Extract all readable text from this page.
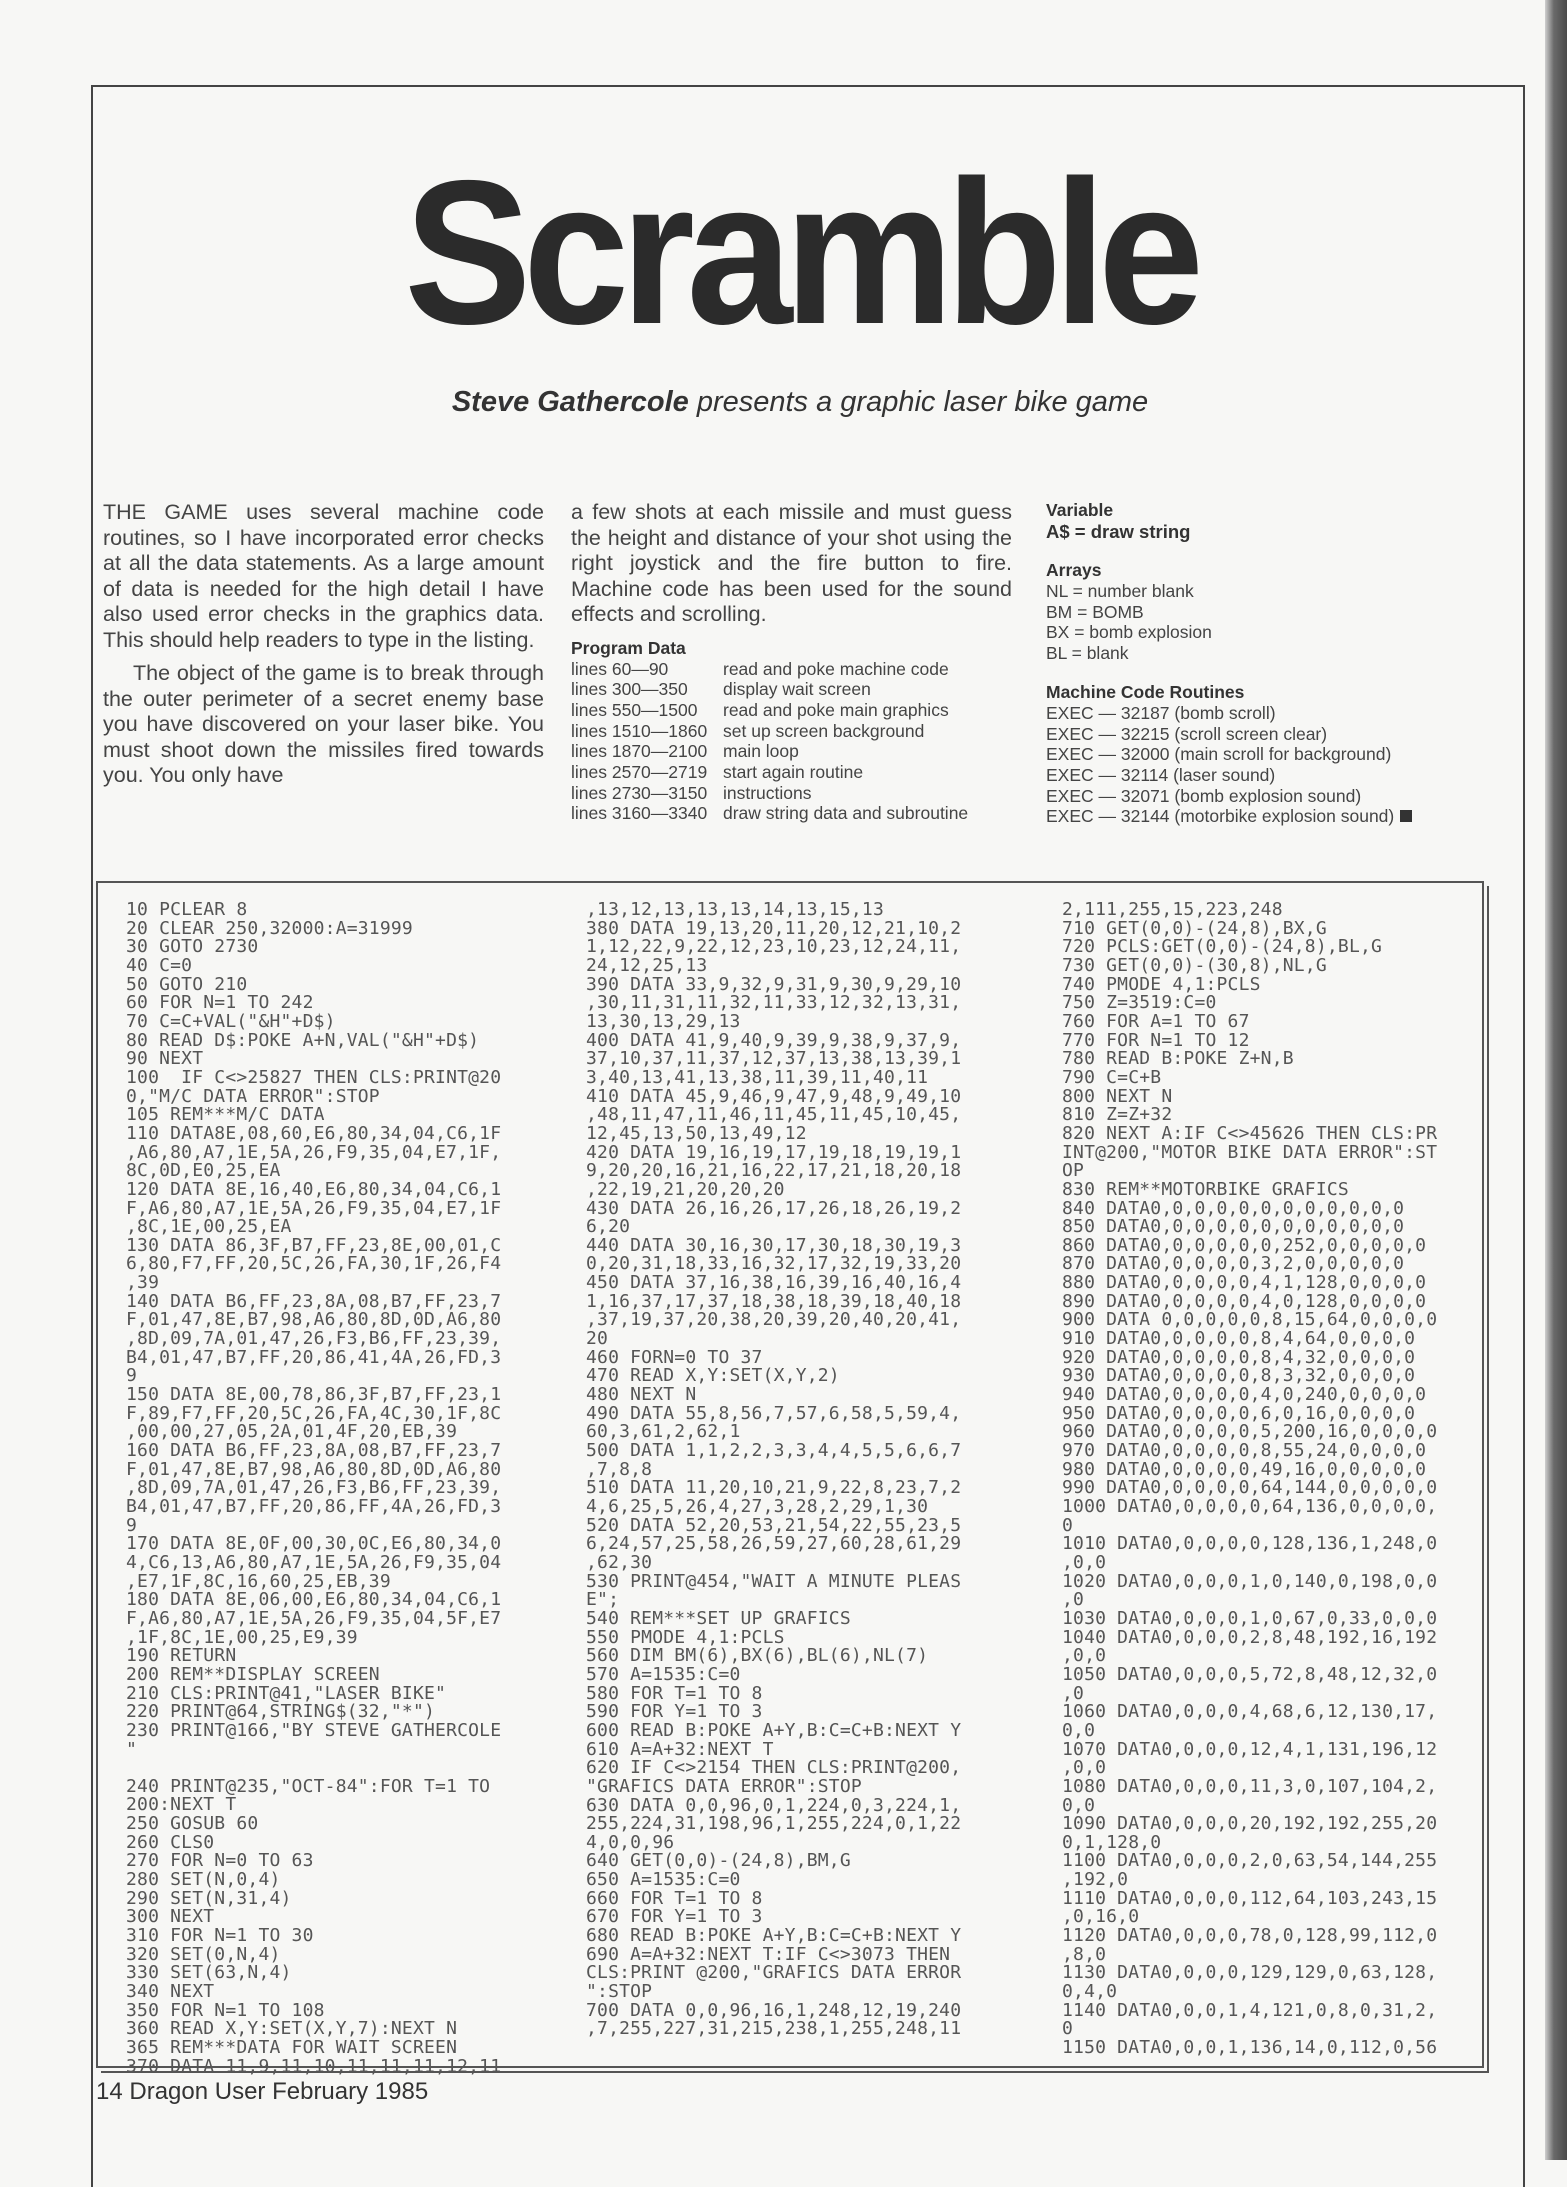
Scramble
Steve Gathercole presents a graphic laser bike game

THE GAME uses several machine code routines, so I have incorporated error checks at all the data statements. As a large amount of data is needed for the high detail I have also used error checks in the graphics data. This should help readers to type in the listing.

The object of the game is to break through the outer perimeter of a secret enemy base you have discovered on your laser bike. You must shoot down the missiles fired towards you. You only have

a few shots at each missile and must guess the height and distance of your shot using the right joystick and the fire button to fire. Machine code has been used for the sound effects and scrolling.

Program Data
lines 60—90	read and poke machine code
lines 300—350	display wait screen
lines 550—1500	read and poke main graphics
lines 1510—1860 set up screen background
lines 1870—2100 main loop
lines 2570—2719 start again routine
lines 2730—3150 instructions
lines 3160—3340 draw string data and subroutine
Variable
A$ = draw string
Arrays
NL = number blank
BM = BOMB
BX = bomb explosion
BL = blank
Machine Code Routines
EXEC — 32187 (bomb scroll)
EXEC — 32215 (scroll screen clear)
EXEC — 32000 (main scroll for background)
EXEC — 32114 (laser sound)
EXEC — 32071 (bomb explosion sound)
EXEC — 32144 (motorbike explosion sound)
10 PCLEAR 8
20 CLEAR 250,32000:A=31999
30 GOTO 2730
40 C=0
50 GOTO 210
60 FOR N=1 TO 242
70 C=C+VAL("&H"+D$)
80 READ D$:POKE A+N,VAL("&H"+D$)
90 NEXT
100  IF C<>25827 THEN CLS:PRINT@20
0,"M/C DATA ERROR":STOP
105 REM***M/C DATA
110 DATA8E,08,60,E6,80,34,04,C6,1F
,A6,80,A7,1E,5A,26,F9,35,04,E7,1F,
8C,0D,E0,25,EA
120 DATA 8E,16,40,E6,80,34,04,C6,1
F,A6,80,A7,1E,5A,26,F9,35,04,E7,1F
,8C,1E,00,25,EA
130 DATA 86,3F,B7,FF,23,8E,00,01,C
6,80,F7,FF,20,5C,26,FA,30,1F,26,F4
,39
140 DATA B6,FF,23,8A,08,B7,FF,23,7
F,01,47,8E,B7,98,A6,80,8D,0D,A6,80
,8D,09,7A,01,47,26,F3,B6,FF,23,39,
B4,01,47,B7,FF,20,86,41,4A,26,FD,3
9
150 DATA 8E,00,78,86,3F,B7,FF,23,1
F,89,F7,FF,20,5C,26,FA,4C,30,1F,8C
,00,00,27,05,2A,01,4F,20,EB,39
160 DATA B6,FF,23,8A,08,B7,FF,23,7
F,01,47,8E,B7,98,A6,80,8D,0D,A6,80
,8D,09,7A,01,47,26,F3,B6,FF,23,39,
B4,01,47,B7,FF,20,86,FF,4A,26,FD,3
9
170 DATA 8E,0F,00,30,0C,E6,80,34,0
4,C6,13,A6,80,A7,1E,5A,26,F9,35,04
,E7,1F,8C,16,60,25,EB,39
180 DATA 8E,06,00,E6,80,34,04,C6,1
F,A6,80,A7,1E,5A,26,F9,35,04,5F,E7
,1F,8C,1E,00,25,E9,39
190 RETURN
200 REM**DISPLAY SCREEN
210 CLS:PRINT@41,"LASER BIKE"
220 PRINT@64,STRING$(32,"*")
230 PRINT@166,"BY STEVE GATHERCOLE
"
240 PRINT@235,"OCT-84":FOR T=1 TO
200:NEXT T
250 GOSUB 60
260 CLS0
270 FOR N=0 TO 63
280 SET(N,0,4)
290 SET(N,31,4)
300 NEXT
310 FOR N=1 TO 30
320 SET(0,N,4)
330 SET(63,N,4)
340 NEXT
350 FOR N=1 TO 108
360 READ X,Y:SET(X,Y,7):NEXT N
365 REM***DATA FOR WAIT SCREEN
370 DATA 11,9,11,10,11,11,11,12,11
,13,12,13,13,13,14,13,15,13
380 DATA 19,13,20,11,20,12,21,10,2
1,12,22,9,22,12,23,10,23,12,24,11,
24,12,25,13
390 DATA 33,9,32,9,31,9,30,9,29,10
,30,11,31,11,32,11,33,12,32,13,31,
13,30,13,29,13
400 DATA 41,9,40,9,39,9,38,9,37,9,
37,10,37,11,37,12,37,13,38,13,39,1
3,40,13,41,13,38,11,39,11,40,11
410 DATA 45,9,46,9,47,9,48,9,49,10
,48,11,47,11,46,11,45,11,45,10,45,
12,45,13,50,13,49,12
420 DATA 19,16,19,17,19,18,19,19,1
9,20,20,16,21,16,22,17,21,18,20,18
,22,19,21,20,20,20
430 DATA 26,16,26,17,26,18,26,19,2
6,20
440 DATA 30,16,30,17,30,18,30,19,3
0,20,31,18,33,16,32,17,32,19,33,20
450 DATA 37,16,38,16,39,16,40,16,4
1,16,37,17,37,18,38,18,39,18,40,18
,37,19,37,20,38,20,39,20,40,20,41,
20
460 FORN=0 TO 37
470 READ X,Y:SET(X,Y,2)
480 NEXT N
490 DATA 55,8,56,7,57,6,58,5,59,4,
60,3,61,2,62,1
500 DATA 1,1,2,2,3,3,4,4,5,5,6,6,7
,7,8,8
510 DATA 11,20,10,21,9,22,8,23,7,2
4,6,25,5,26,4,27,3,28,2,29,1,30
520 DATA 52,20,53,21,54,22,55,23,5
6,24,57,25,58,26,59,27,60,28,61,29
,62,30
530 PRINT@454,"WAIT A MINUTE PLEAS
E";
540 REM***SET UP GRAFICS
550 PMODE 4,1:PCLS
560 DIM BM(6),BX(6),BL(6),NL(7)
570 A=1535:C=0
580 FOR T=1 TO 8
590 FOR Y=1 TO 3
600 READ B:POKE A+Y,B:C=C+B:NEXT Y
610 A=A+32:NEXT T
620 IF C<>2154 THEN CLS:PRINT@200,
"GRAFICS DATA ERROR":STOP
630 DATA 0,0,96,0,1,224,0,3,224,1,
255,224,31,198,96,1,255,224,0,1,22
4,0,0,96
640 GET(0,0)-(24,8),BM,G
650 A=1535:C=0
660 FOR T=1 TO 8
670 FOR Y=1 TO 3
680 READ B:POKE A+Y,B:C=C+B:NEXT Y
690 A=A+32:NEXT T:IF C<>3073 THEN
CLS:PRINT @200,"GRAFICS DATA ERROR
":STOP
700 DATA 0,0,96,16,1,248,12,19,240
,7,255,227,31,215,238,1,255,248,11
2,111,255,15,223,248
710 GET(0,0)-(24,8),BX,G
720 PCLS:GET(0,0)-(24,8),BL,G
730 GET(0,0)-(30,8),NL,G
740 PMODE 4,1:PCLS
750 Z=3519:C=0
760 FOR A=1 TO 67
770 FOR N=1 TO 12
780 READ B:POKE Z+N,B
790 C=C+B
800 NEXT N
810 Z=Z+32
820 NEXT A:IF C<>45626 THEN CLS:PR
INT@200,"MOTOR BIKE DATA ERROR":ST
OP
830 REM**MOTORBIKE GRAFICS
840 DATA0,0,0,0,0,0,0,0,0,0,0,0
850 DATA0,0,0,0,0,0,0,0,0,0,0,0
860 DATA0,0,0,0,0,0,252,0,0,0,0,0
870 DATA0,0,0,0,0,3,2,0,0,0,0,0
880 DATA0,0,0,0,0,4,1,128,0,0,0,0
890 DATA0,0,0,0,0,4,0,128,0,0,0,0
900 DATA 0,0,0,0,0,8,15,64,0,0,0,0
910 DATA0,0,0,0,0,8,4,64,0,0,0,0
920 DATA0,0,0,0,0,8,4,32,0,0,0,0
930 DATA0,0,0,0,0,8,3,32,0,0,0,0
940 DATA0,0,0,0,0,4,0,240,0,0,0,0
950 DATA0,0,0,0,0,6,0,16,0,0,0,0
960 DATA0,0,0,0,0,5,200,16,0,0,0,0
970 DATA0,0,0,0,0,8,55,24,0,0,0,0
980 DATA0,0,0,0,0,49,16,0,0,0,0,0
990 DATA0,0,0,0,0,64,144,0,0,0,0,0
1000 DATA0,0,0,0,0,64,136,0,0,0,0,
0
1010 DATA0,0,0,0,0,128,136,1,248,0
,0,0
1020 DATA0,0,0,0,1,0,140,0,198,0,0
,0
1030 DATA0,0,0,0,1,0,67,0,33,0,0,0
1040 DATA0,0,0,0,2,8,48,192,16,192
,0,0
1050 DATA0,0,0,0,5,72,8,48,12,32,0
,0
1060 DATA0,0,0,0,4,68,6,12,130,17,
0,0
1070 DATA0,0,0,0,12,4,1,131,196,12
,0,0
1080 DATA0,0,0,0,11,3,0,107,104,2,
0,0
1090 DATA0,0,0,0,20,192,192,255,20
0,1,128,0
1100 DATA0,0,0,0,2,0,63,54,144,255
,192,0
1110 DATA0,0,0,0,112,64,103,243,15
,0,16,0
1120 DATA0,0,0,0,78,0,128,99,112,0
,8,0
1130 DATA0,0,0,0,129,129,0,63,128,
0,4,0
1140 DATA0,0,0,1,4,121,0,8,0,31,2,
0
1150 DATA0,0,0,1,136,14,0,112,0,56
14 Dragon User February 1985
